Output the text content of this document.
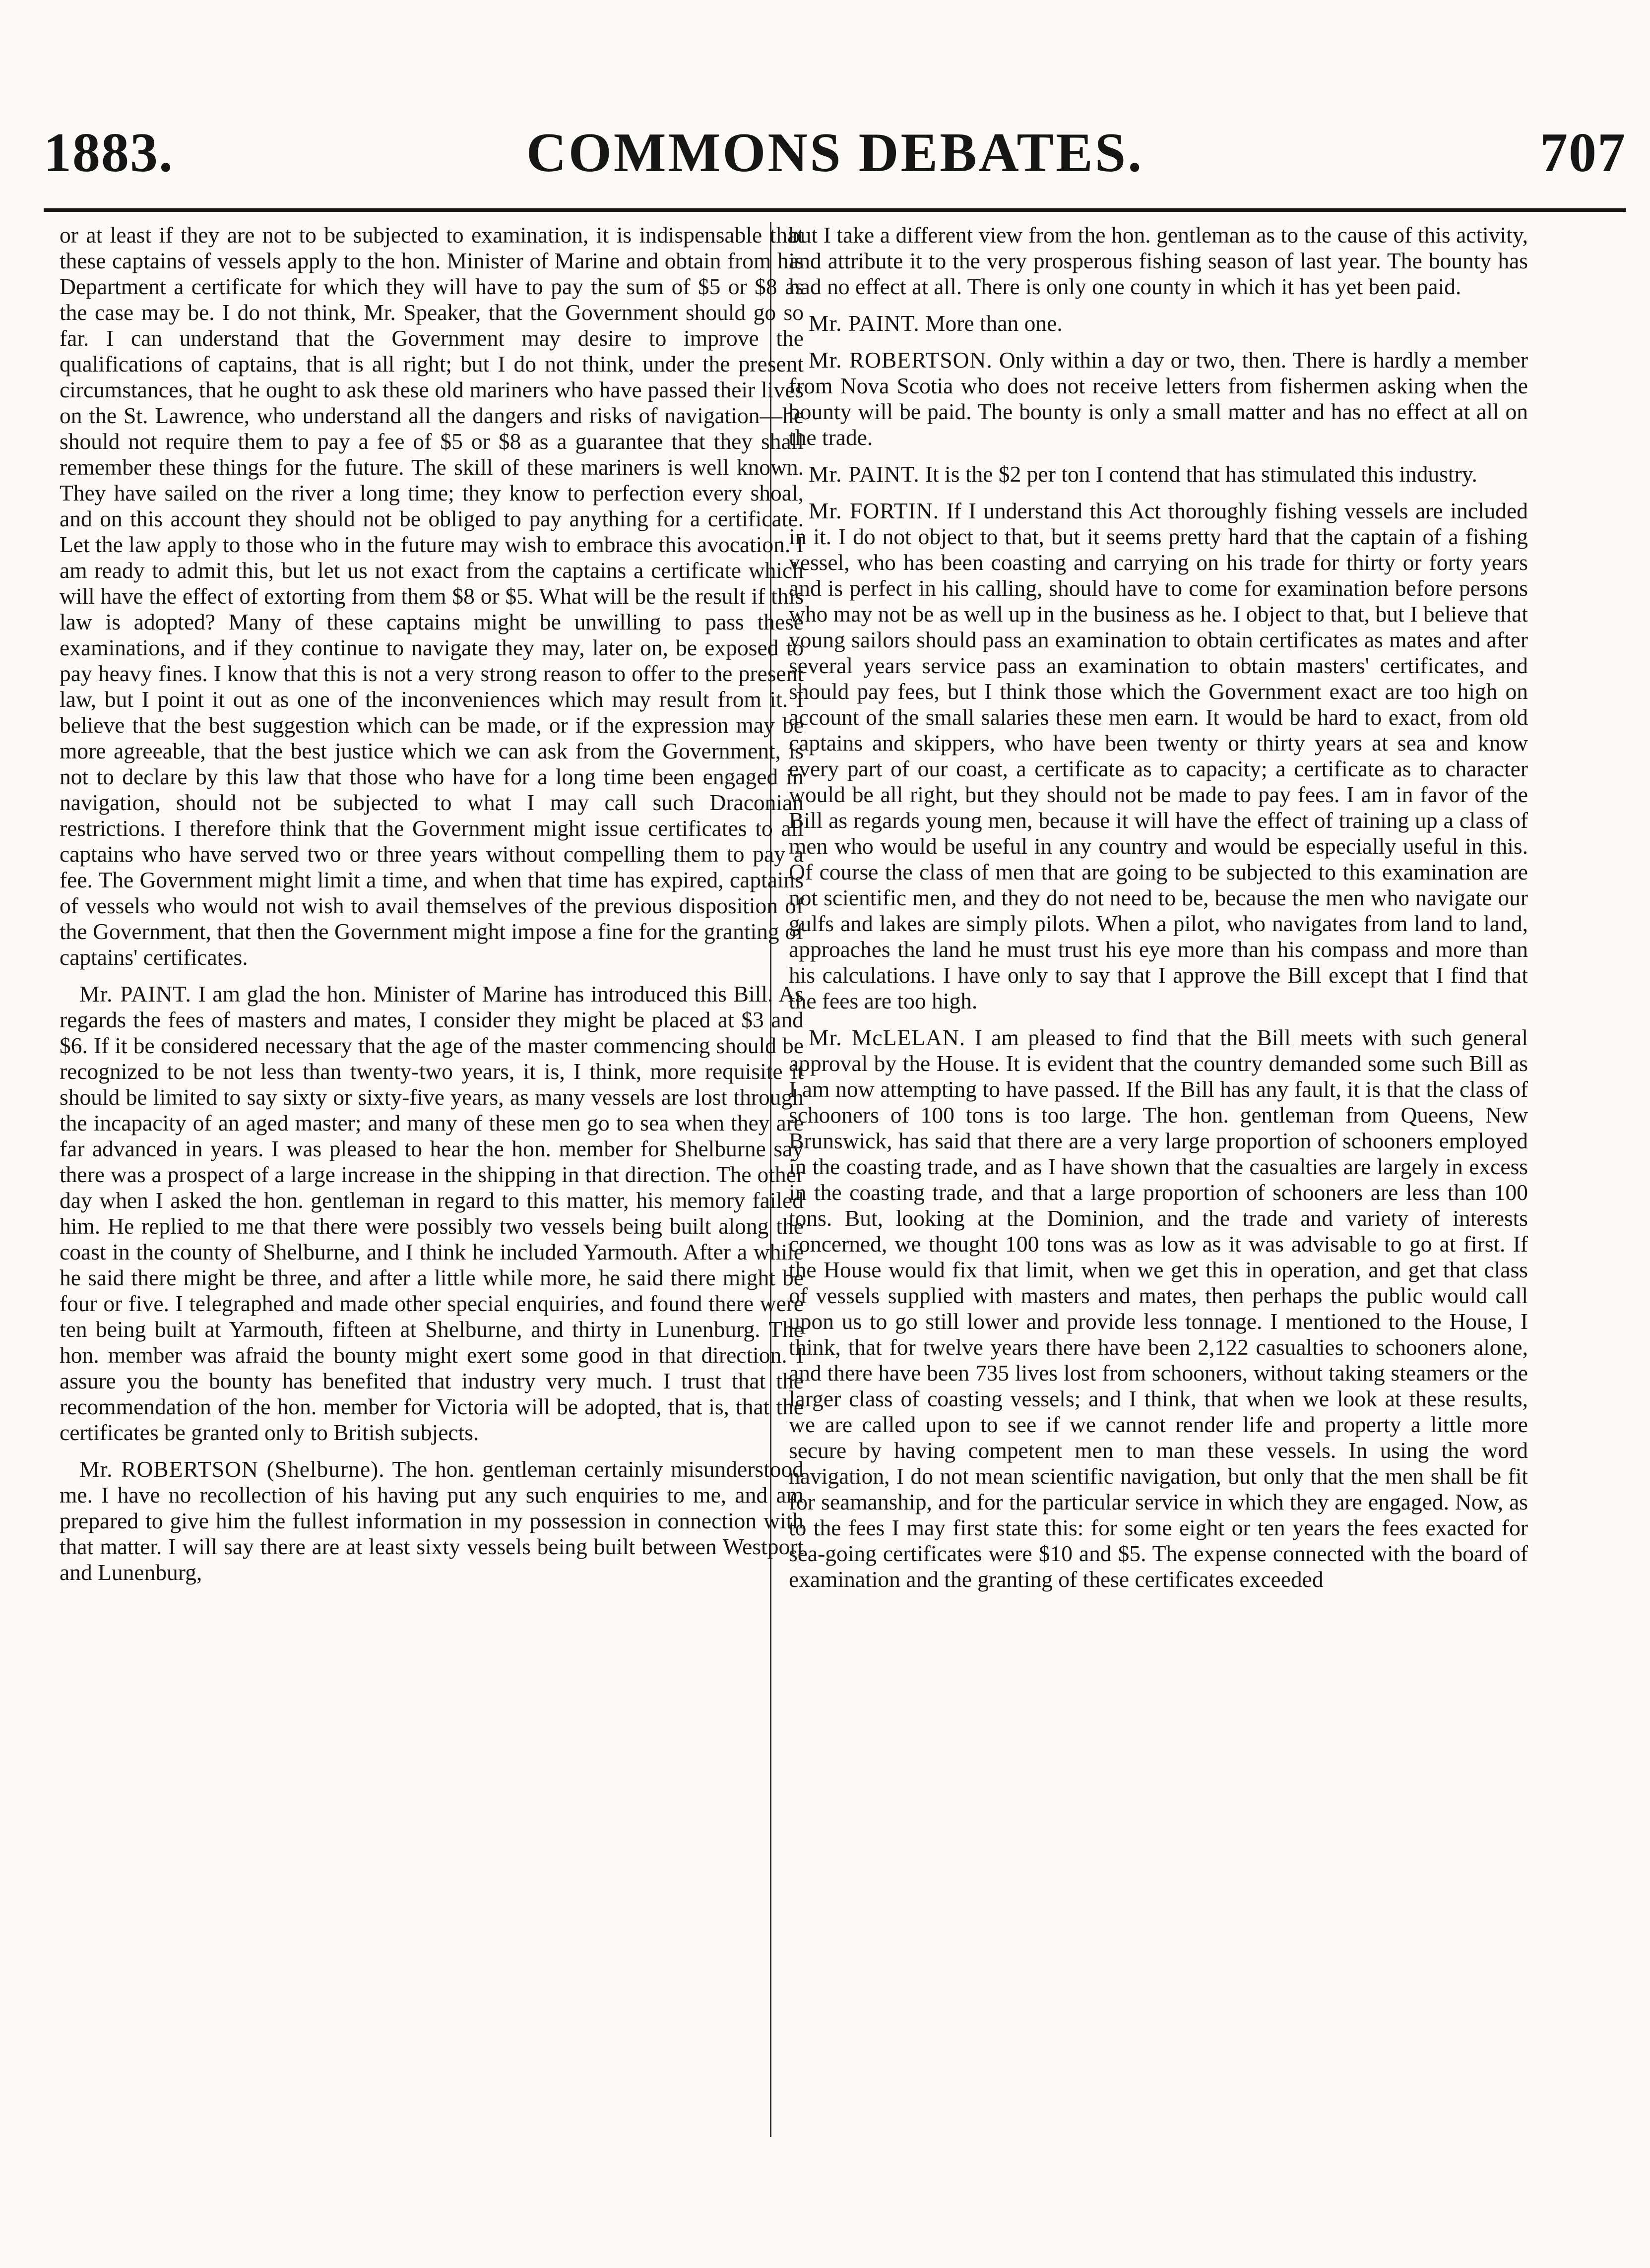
1883.	COMMONS DEBATES.	707

or at least if they are not to be subjected to examination, it is indispensable that these captains of vessels apply to the hon. Minister of Marine and obtain from his Department a certificate for which they will have to pay the sum of $5 or $8 as the case may be. I do not think, Mr. Speaker, that the Government should go so far. I can understand that the Government may desire to improve the qualifications of captains, that is all right; but I do not think, under the present circumstances, that he ought to ask these old mariners who have passed their lives on the St. Lawrence, who understand all the dangers and risks of navigation—he should not require them to pay a fee of $5 or $8 as a guarantee that they shall remember these things for the future. The skill of these mariners is well known. They have sailed on the river a long time; they know to perfection every shoal, and on this account they should not be obliged to pay anything for a certificate. Let the law apply to those who in the future may wish to embrace this avocation. I am ready to admit this, but let us not exact from the captains a certificate which will have the effect of extorting from them $8 or $5. What will be the result if this law is adopted? Many of these captains might be unwilling to pass these examinations, and if they continue to navigate they may, later on, be exposed to pay heavy fines. I know that this is not a very strong reason to offer to the present law, but I point it out as one of the inconveniences which may result from it. I believe that the best suggestion which can be made, or if the expression may be more agreeable, that the best justice which we can ask from the Government, is not to declare by this law that those who have for a long time been engaged in navigation, should not be subjected to what I may call such Draconian restrictions. I therefore think that the Government might issue certificates to all captains who have served two or three years without compelling them to pay a fee. The Government might limit a time, and when that time has expired, captains of vessels who would not wish to avail themselves of the previous disposition of the Government, that then the Government might impose a fine for the granting of captains' certificates.

Mr. PAINT. I am glad the hon. Minister of Marine has introduced this Bill. As regards the fees of masters and mates, I consider they might be placed at $3 and $6. If it be considered necessary that the age of the master commencing should be recognized to be not less than twenty-two years, it is, I think, more requisite it should be limited to say sixty or sixty-five years, as many vessels are lost through the incapacity of an aged master; and many of these men go to sea when they are far advanced in years. I was pleased to hear the hon. member for Shelburne say there was a prospect of a large increase in the shipping in that direction. The other day when I asked the hon. gentleman in regard to this matter, his memory failed him. He replied to me that there were possibly two vessels being built along the coast in the county of Shelburne, and I think he included Yarmouth. After a while he said there might be three, and after a little while more, he said there might be four or five. I telegraphed and made other special enquiries, and found there were ten being built at Yarmouth, fifteen at Shelburne, and thirty in Lunenburg. The hon. member was afraid the bounty might exert some good in that direction. I assure you the bounty has benefited that industry very much. I trust that the recommendation of the hon. member for Victoria will be adopted, that is, that the certificates be granted only to British subjects.

Mr. ROBERTSON (Shelburne). The hon. gentleman certainly misunderstood me. I have no recollection of his having put any such enquiries to me, and am prepared to give him the fullest information in my possession in connection with that matter. I will say there are at least sixty vessels being built between Westport and Lunenburg,

but I take a different view from the hon. gentleman as to the cause of this activity, and attribute it to the very prosperous fishing season of last year. The bounty has had no effect at all. There is only one county in which it has yet been paid.

Mr. PAINT. More than one.

Mr. ROBERTSON. Only within a day or two, then. There is hardly a member from Nova Scotia who does not receive letters from fishermen asking when the bounty will be paid. The bounty is only a small matter and has no effect at all on the trade.

Mr. PAINT. It is the $2 per ton I contend that has stimulated this industry.

Mr. FORTIN. If I understand this Act thoroughly fishing vessels are included in it. I do not object to that, but it seems pretty hard that the captain of a fishing vessel, who has been coasting and carrying on his trade for thirty or forty years and is perfect in his calling, should have to come for examination before persons who may not be as well up in the business as he. I object to that, but I believe that young sailors should pass an examination to obtain certificates as mates and after several years service pass an examination to obtain masters' certificates, and should pay fees, but I think those which the Government exact are too high on account of the small salaries these men earn. It would be hard to exact, from old captains and skippers, who have been twenty or thirty years at sea and know every part of our coast, a certificate as to capacity; a certificate as to character would be all right, but they should not be made to pay fees. I am in favor of the Bill as regards young men, because it will have the effect of training up a class of men who would be useful in any country and would be especially useful in this. Of course the class of men that are going to be subjected to this examination are not scientific men, and they do not need to be, because the men who navigate our gulfs and lakes are simply pilots. When a pilot, who navigates from land to land, approaches the land he must trust his eye more than his compass and more than his calculations. I have only to say that I approve the Bill except that I find that the fees are too high.

Mr. McLELAN. I am pleased to find that the Bill meets with such general approval by the House. It is evident that the country demanded some such Bill as I am now attempting to have passed. If the Bill has any fault, it is that the class of schooners of 100 tons is too large. The hon. gentleman from Queens, New Brunswick, has said that there are a very large proportion of schooners employed in the coasting trade, and as I have shown that the casualties are largely in excess in the coasting trade, and that a large proportion of schooners are less than 100 tons. But, looking at the Dominion, and the trade and variety of interests concerned, we thought 100 tons was as low as it was advisable to go at first. If the House would fix that limit, when we get this in operation, and get that class of vessels supplied with masters and mates, then perhaps the public would call upon us to go still lower and provide less tonnage. I mentioned to the House, I think, that for twelve years there have been 2,122 casualties to schooners alone, and there have been 735 lives lost from schooners, without taking steamers or the larger class of coasting vessels; and I think, that when we look at these results, we are called upon to see if we cannot render life and property a little more secure by having competent men to man these vessels. In using the word navigation, I do not mean scientific navigation, but only that the men shall be fit for seamanship, and for the particular service in which they are engaged. Now, as to the fees I may first state this: for some eight or ten years the fees exacted for sea-going certificates were $10 and $5. The expense connected with the board of examination and the granting of these certificates exceeded
